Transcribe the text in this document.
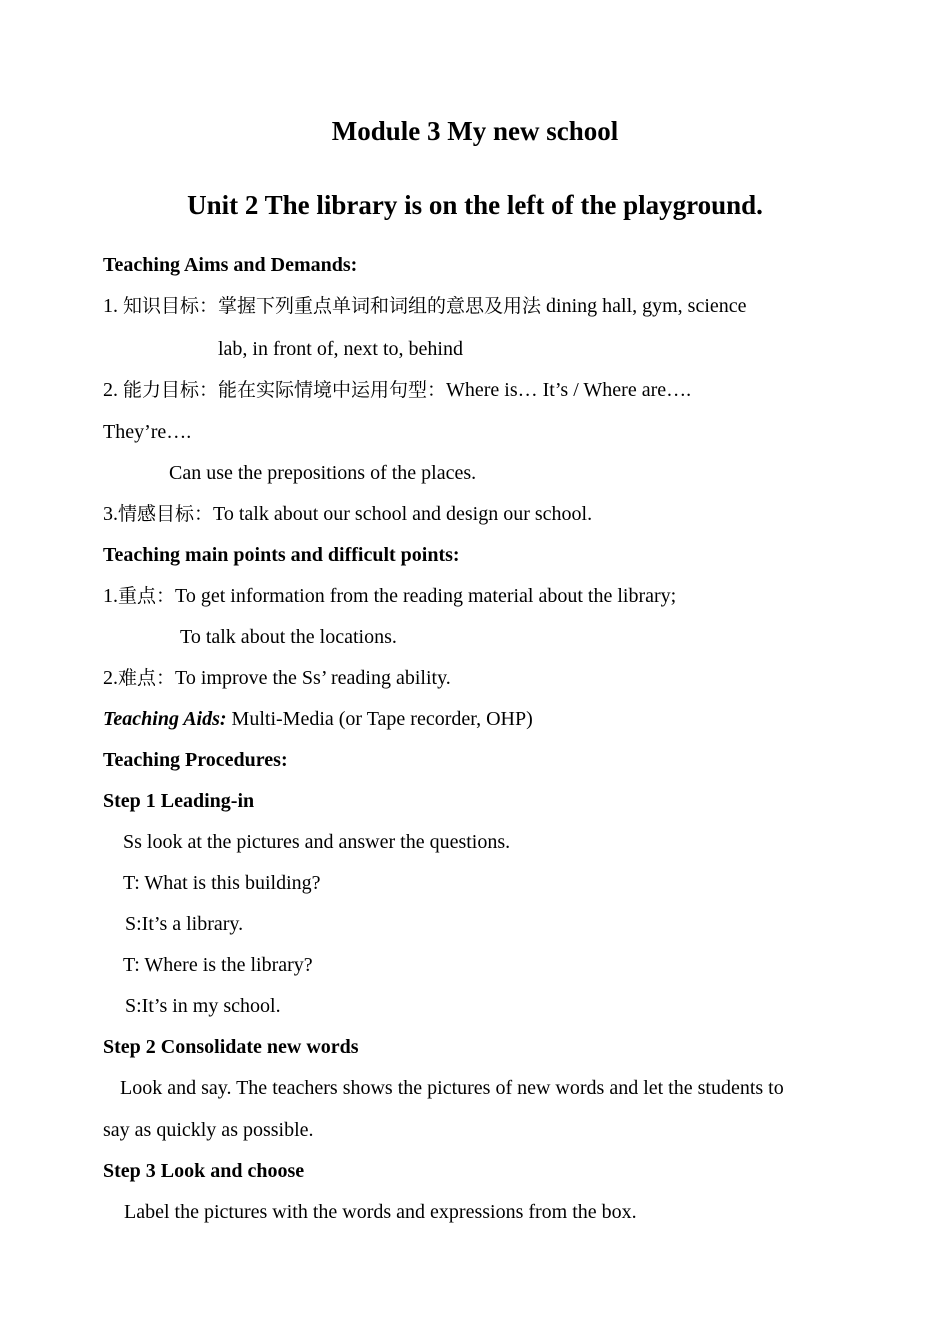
Module 3 My new school
Unit 2 The library is on the left of the playground.
Teaching Aims and Demands:
1. 知识目标：掌握下列重点单词和词组的意思及用法 dining hall, gym, science
lab, in front of, next to, behind
2. 能力目标：能在实际情境中运用句型：Where is… It’s / Where are….
They’re….
Can use the prepositions of the places.
3.情感目标：To talk about our school and design our school.
Teaching main points and difficult points:
1.重点：To get information from the reading material about the library;
To talk about the locations.
2.难点：To improve the Ss’ reading ability.
Teaching Aids: Multi-Media (or Tape recorder, OHP)
Teaching Procedures:
Step 1 Leading-in
Ss look at the pictures and answer the questions.
T: What is this building?
S:It’s a library.
T: Where is the library?
S:It’s in my school.
Step 2 Consolidate new words
Look and say. The teachers shows the pictures of new words and let the students to
say as quickly as possible.
Step 3 Look and choose
Label the pictures with the words and expressions from the box.
